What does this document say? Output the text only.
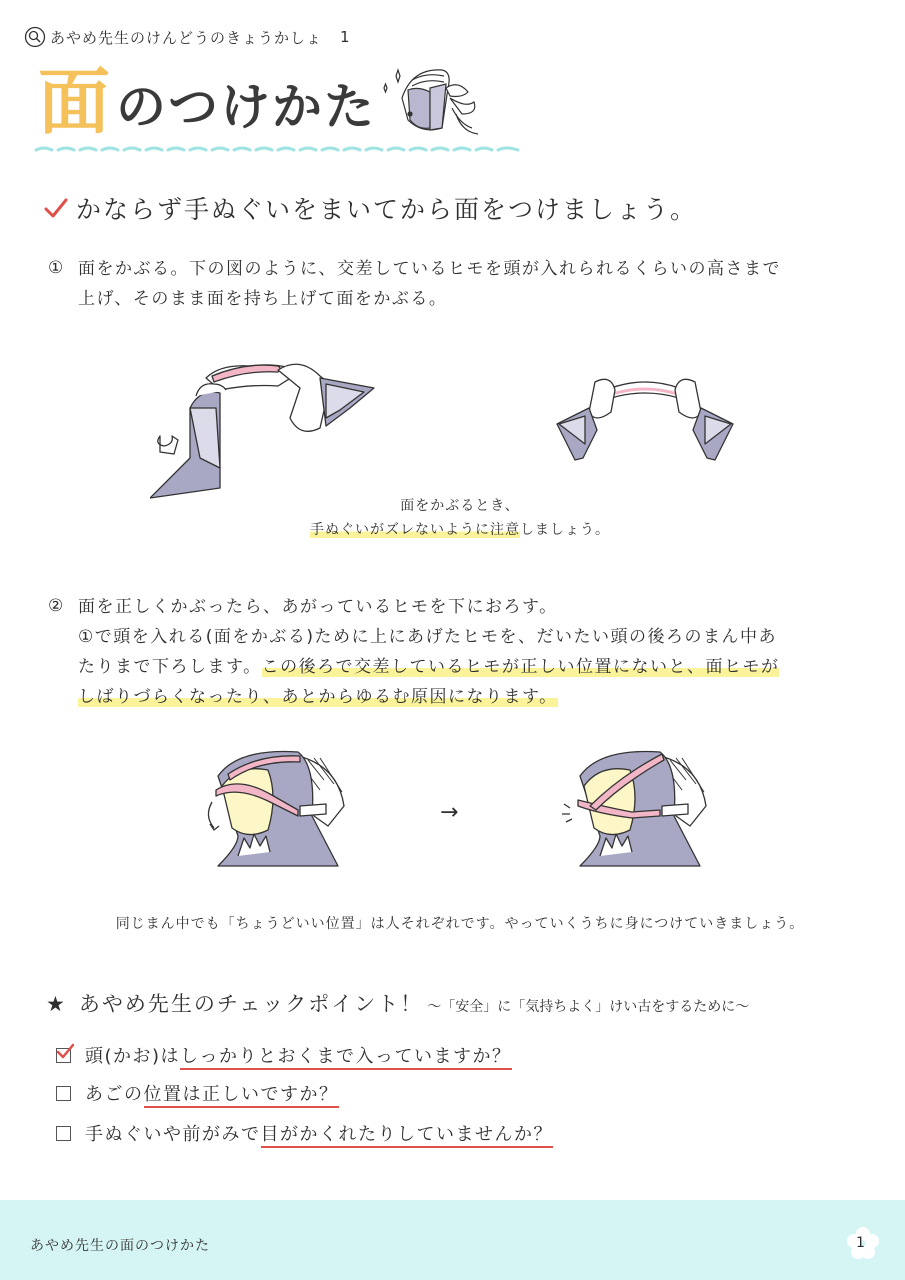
あやめ先生のけんどうのきょうかしょ 1
面 のつけかた
かならず手ぬぐいをまいてから面をつけましょう。
① 面をかぶる。下の図のように、交差しているヒモを頭が入れられるくらいの高さまで
上げ、そのまま面を持ち上げて面をかぶる。
面をかぶるとき、
手ぬぐいがズレないように注意しましょう。
② 面を正しくかぶったら、あがっているヒモを下におろす。
①で頭を入れる(面をかぶる)ために上にあげたヒモを、だいたい頭の後ろのまん中あ
たりまで下ろします。この後ろで交差しているヒモが正しい位置にないと、面ヒモが
しばりづらくなったり、あとからゆるむ原因になります。
→
同じまん中でも「ちょうどいい位置」は人それぞれです。やっていくうちに身につけていきましょう。
★ あやめ先生のチェックポイント！ ～「安全」に「気持ちよく」けい古をするために～
頭(かお)はしっかりとおくまで入っていますか？
あごの位置は正しいですか？
手ぬぐいや前がみで目がかくれたりしていませんか？
あやめ先生の面のつけかた	1
